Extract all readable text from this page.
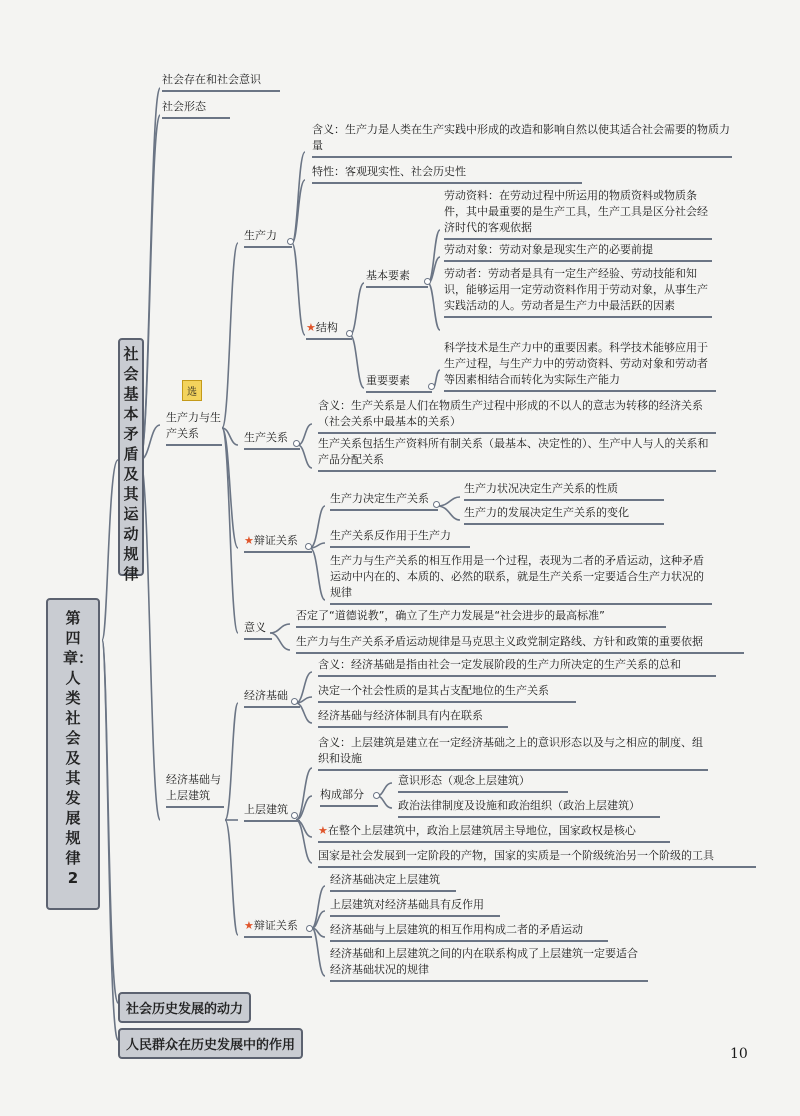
第四章：人类社会及其发展规律2
社会基本矛盾及其运动规律
社会历史发展的动力
人民群众在历史发展中的作用
社会存在和社会意识
社会形态
选
生产力与生产关系
生产力
含义：生产力是人类在生产实践中形成的改造和影响自然以使其适合社会需要的物质力量
特性：客观现实性、社会历史性
★结构
基本要素
劳动资料：在劳动过程中所运用的物质资料或物质条件，其中最重要的是生产工具，生产工具是区分社会经济时代的客观依据
劳动对象：劳动对象是现实生产的必要前提
劳动者：劳动者是具有一定生产经验、劳动技能和知识，能够运用一定劳动资料作用于劳动对象，从事生产实践活动的人。劳动者是生产力中最活跃的因素
重要要素
科学技术是生产力中的重要因素。科学技术能够应用于生产过程，与生产力中的劳动资料、劳动对象和劳动者等因素相结合而转化为实际生产能力
生产关系
含义：生产关系是人们在物质生产过程中形成的不以人的意志为转移的经济关系（社会关系中最基本的关系）
生产关系包括生产资料所有制关系（最基本、决定性的）、生产中人与人的关系和产品分配关系
★辩证关系
生产力决定生产关系
生产力状况决定生产关系的性质
生产力的发展决定生产关系的变化
生产关系反作用于生产力
生产力与生产关系的相互作用是一个过程，表现为二者的矛盾运动，这种矛盾运动中内在的、本质的、必然的联系，就是生产关系一定要适合生产力状况的规律
意义
否定了“道德说教”，确立了生产力发展是“社会进步的最高标准”
生产力与生产关系矛盾运动规律是马克思主义政党制定路线、方针和政策的重要依据
经济基础与上层建筑
经济基础
含义：经济基础是指由社会一定发展阶段的生产力所决定的生产关系的总和
决定一个社会性质的是其占支配地位的生产关系
经济基础与经济体制具有内在联系
上层建筑
含义：上层建筑是建立在一定经济基础之上的意识形态以及与之相应的制度、组织和设施
构成部分
意识形态（观念上层建筑）
政治法律制度及设施和政治组织（政治上层建筑）
★在整个上层建筑中，政治上层建筑居主导地位，国家政权是核心
国家是社会发展到一定阶段的产物，国家的实质是一个阶级统治另一个阶级的工具
★辩证关系
经济基础决定上层建筑
上层建筑对经济基础具有反作用
经济基础与上层建筑的相互作用构成二者的矛盾运动
经济基础和上层建筑之间的内在联系构成了上层建筑一定要适合经济基础状况的规律
10
